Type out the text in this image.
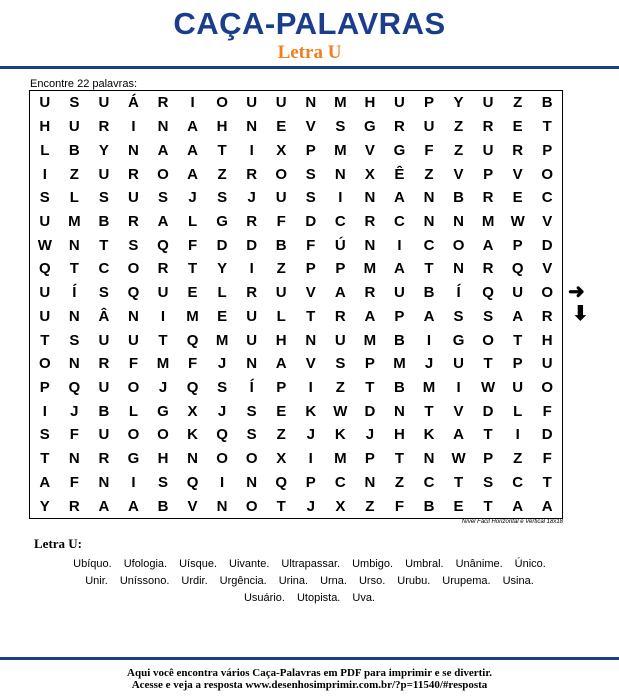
CAÇA-PALAVRAS
Letra U
Encontre 22 palavras:
U	S	U	Á	R	I	O	U	U	N	M	H	U	P	Y	U	Z	B
H	U	R	I	N	A	H	N	E	V	S	G	R	U	Z	R	E	T
L	B	Y	N	A	A	T	I	X	P	M	V	G	F	Z	U	R	P
I	Z	U	R	O	A	Z	R	O	S	N	X	Ê	Z	V	P	V	O
S	L	S	U	S	J	S	J	U	S	I	N	A	N	B	R	E	C
U	M	B	R	A	L	G	R	F	D	C	R	C	N	N	M	W	V
W	N	T	S	Q	F	D	D	B	F	Ú	N	I	C	O	A	P	D
Q	T	C	O	R	T	Y	I	Z	P	P	M	A	T	N	R	Q	V
U	Í	S	Q	U	E	L	R	U	V	A	R	U	B	Í	Q	U	O
U	N	Â	N	I	M	E	U	L	T	R	A	P	A	S	S	A	R
T	S	U	U	T	Q	M	U	H	N	U	M	B	I	G	O	T	H
O	N	R	F	M	F	J	N	A	V	S	P	M	J	U	T	P	U
P	Q	U	O	J	Q	S	Í	P	I	Z	T	B	M	I	W	U	O
I	J	B	L	G	X	J	S	E	K	W	D	N	T	V	D	L	F
S	F	U	O	O	K	Q	S	Z	J	K	J	H	K	A	T	I	D
T	N	R	G	H	N	O	O	X	I	M	P	T	N	W	P	Z	F
A	F	N	I	S	Q	I	N	Q	P	C	N	Z	C	T	S	C	T
Y	R	A	A	B	V	N	O	T	J	X	Z	F	B	E	T	A	A
➜
⬇
Nível Fácil Horizontal e Vertical 18x18
Letra U:
Ubíquo. Ufologia. Uísque. Uivante. Ultrapassar. Umbigo. Umbral. Unânime. Único.
Unir. Uníssono. Urdir. Urgência. Urina. Urna. Urso. Urubu. Urupema. Usina.
Usuário. Utopista. Uva.
Aqui você encontra vários Caça-Palavras em PDF para imprimir e se divertir.
Acesse e veja a resposta www.desenhosimprimir.com.br/?p=11540/#resposta
